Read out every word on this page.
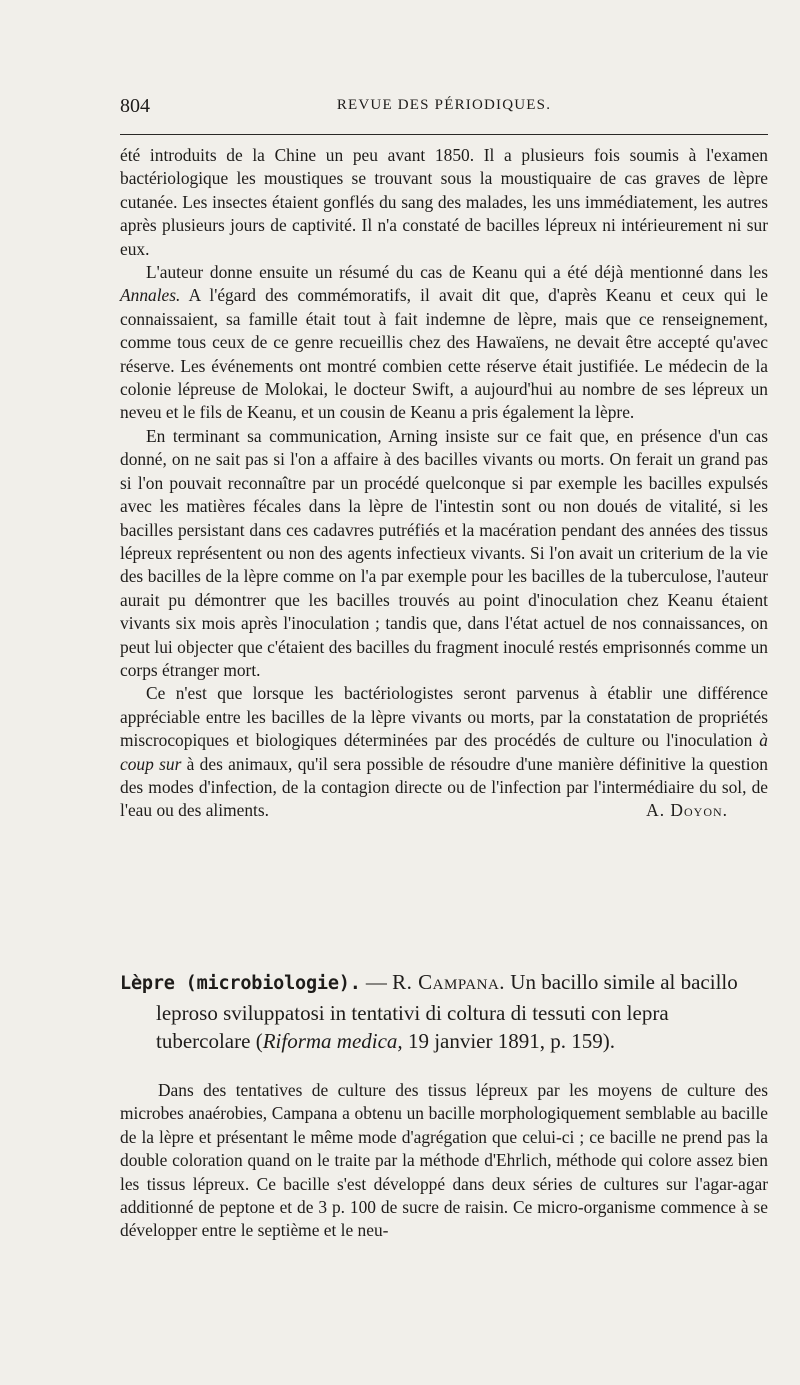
804	REVUE DES PÉRIODIQUES.

été introduits de la Chine un peu avant 1850. Il a plusieurs fois soumis à l'examen bactériologique les moustiques se trouvant sous la moustiquaire de cas graves de lèpre cutanée. Les insectes étaient gonflés du sang des malades, les uns immédiatement, les autres après plusieurs jours de captivité. Il n'a constaté de bacilles lépreux ni intérieurement ni sur eux.

L'auteur donne ensuite un résumé du cas de Keanu qui a été déjà mentionné dans les Annales. A l'égard des commémoratifs, il avait dit que, d'après Keanu et ceux qui le connaissaient, sa famille était tout à fait indemne de lèpre, mais que ce renseignement, comme tous ceux de ce genre recueillis chez des Hawaïens, ne devait être accepté qu'avec réserve. Les événements ont montré combien cette réserve était justifiée. Le médecin de la colonie lépreuse de Molokai, le docteur Swift, a aujourd'hui au nombre de ses lépreux un neveu et le fils de Keanu, et un cousin de Keanu a pris également la lèpre.

En terminant sa communication, Arning insiste sur ce fait que, en présence d'un cas donné, on ne sait pas si l'on a affaire à des bacilles vivants ou morts. On ferait un grand pas si l'on pouvait reconnaître par un procédé quelconque si par exemple les bacilles expulsés avec les matières fécales dans la lèpre de l'intestin sont ou non doués de vitalité, si les bacilles persistant dans ces cadavres putréfiés et la macération pendant des années des tissus lépreux représentent ou non des agents infectieux vivants. Si l'on avait un criterium de la vie des bacilles de la lèpre comme on l'a par exemple pour les bacilles de la tuberculose, l'auteur aurait pu démontrer que les bacilles trouvés au point d'inoculation chez Keanu étaient vivants six mois après l'inoculation ; tandis que, dans l'état actuel de nos connaissances, on peut lui objecter que c'étaient des bacilles du fragment inoculé restés emprisonnés comme un corps étranger mort.

Ce n'est que lorsque les bactériologistes seront parvenus à établir une différence appréciable entre les bacilles de la lèpre vivants ou morts, par la constatation de propriétés miscrocopiques et biologiques déterminées par des procédés de culture ou l'inoculation à coup sur à des animaux, qu'il sera possible de résoudre d'une manière définitive la question des modes d'infection, de la contagion directe ou de l'infection par l'intermédiaire du sol, de l'eau ou des aliments.	A. Doyon.

Lèpre (microbiologie). — R. Campana. Un bacillo simile al bacillo leproso sviluppatosi in tentativi di coltura di tessuti con lepra tubercolare (Riforma medica, 19 janvier 1891, p. 159).

Dans des tentatives de culture des tissus lépreux par les moyens de culture des microbes anaérobies, Campana a obtenu un bacille morphologiquement semblable au bacille de la lèpre et présentant le même mode d'agrégation que celui-ci ; ce bacille ne prend pas la double coloration quand on le traite par la méthode d'Ehrlich, méthode qui colore assez bien les tissus lépreux. Ce bacille s'est développé dans deux séries de cultures sur l'agar-agar additionné de peptone et de 3 p. 100 de sucre de raisin. Ce micro-organisme commence à se développer entre le septième et le neu-
